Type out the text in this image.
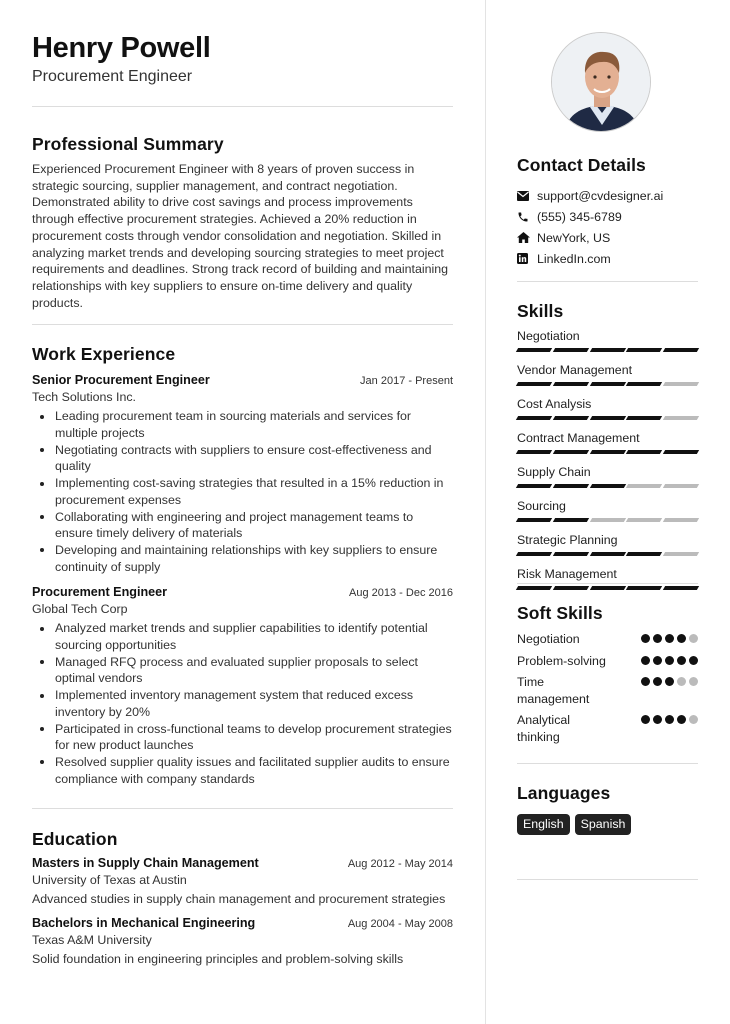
Henry Powell
Procurement Engineer
Professional Summary
Experienced Procurement Engineer with 8 years of proven success in strategic sourcing, supplier management, and contract negotiation. Demonstrated ability to drive cost savings and process improvements through effective procurement strategies. Achieved a 20% reduction in procurement costs through vendor consolidation and negotiation. Skilled in analyzing market trends and developing sourcing strategies to meet project requirements and deadlines. Strong track record of building and maintaining relationships with key suppliers to ensure on-time delivery and quality products.
Work Experience
Senior Procurement Engineer	Jan 2017 - Present
Tech Solutions Inc.
Leading procurement team in sourcing materials and services for multiple projects
Negotiating contracts with suppliers to ensure cost-effectiveness and quality
Implementing cost-saving strategies that resulted in a 15% reduction in procurement expenses
Collaborating with engineering and project management teams to ensure timely delivery of materials
Developing and maintaining relationships with key suppliers to ensure continuity of supply
Procurement Engineer	Aug 2013 - Dec 2016
Global Tech Corp
Analyzed market trends and supplier capabilities to identify potential sourcing opportunities
Managed RFQ process and evaluated supplier proposals to select optimal vendors
Implemented inventory management system that reduced excess inventory by 20%
Participated in cross-functional teams to develop procurement strategies for new product launches
Resolved supplier quality issues and facilitated supplier audits to ensure compliance with company standards
Education
Masters in Supply Chain Management	Aug 2012 - May 2014
University of Texas at Austin
Advanced studies in supply chain management and procurement strategies
Bachelors in Mechanical Engineering	Aug 2004 - May 2008
Texas A&M University
Solid foundation in engineering principles and problem-solving skills
Contact Details
support@cvdesigner.ai
(555) 345-6789
NewYork, US
LinkedIn.com
Skills
Negotiation
Vendor Management
Cost Analysis
Contract Management
Supply Chain
Sourcing
Strategic Planning
Risk Management
Soft Skills
Negotiation
Problem-solving
Time management
Analytical thinking
Languages
English	Spanish
